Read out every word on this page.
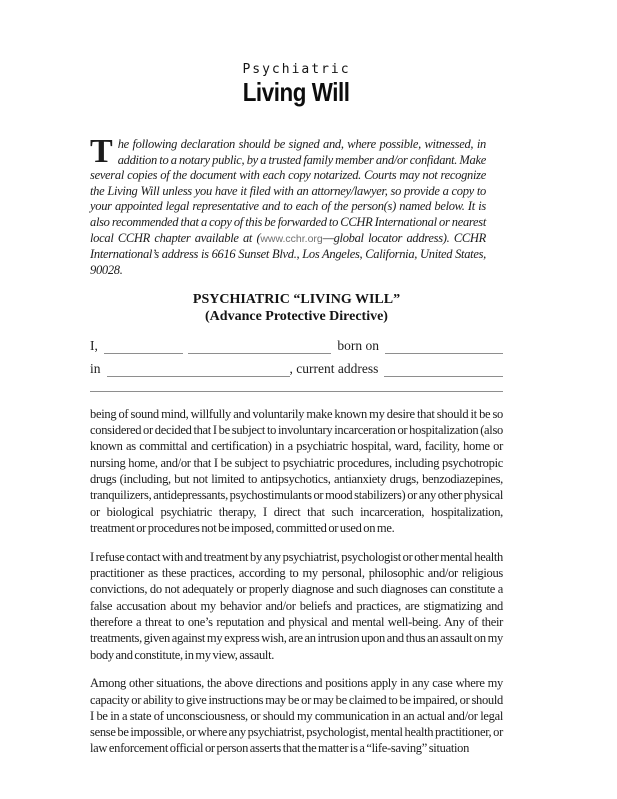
Psychiatric
Living Will

The following declaration should be signed and, where possible, witnessed, in addition to a notary public, by a trusted family member and/or confidant. Make several copies of the document with each copy notarized. Courts may not recognize the Living Will unless you have it filed with an attorney/lawyer, so provide a copy to your appointed legal representative and to each of the person(s) named below. It is also recommended that a copy of this be forwarded to CCHR International or nearest local CCHR chapter available at (www.cchr.org—global locator address). CCHR International’s address is 6616 Sunset Blvd., Los Angeles, California, United States, 90028.

PSYCHIATRIC “LIVING WILL”
(Advance Protective Directive)
I,	born on
in	, current address

being of sound mind, willfully and voluntarily make known my desire that should it be so considered or decided that I be subject to involuntary incarceration or hospitalization (also known as committal and certification) in a psychiatric hospital, ward, facility, home or nursing home, and/or that I be subject to psychiatric procedures, including psychotropic drugs (including, but not limited to antipsychotics, antianxiety drugs, benzodiazepines, tranquilizers, antidepressants, psychostimulants or mood stabilizers) or any other physical or biological psychiatric therapy, I direct that such incarceration, hospitalization, treatment or procedures not be imposed, committed or used on me.

I refuse contact with and treatment by any psychiatrist, psychologist or other mental health practitioner as these practices, according to my personal, philosophic and/or religious convictions, do not adequately or properly diagnose and such diagnoses can constitute a false accusation about my behavior and/or beliefs and practices, are stigmatizing and therefore a threat to one’s reputation and physical and mental well-being. Any of their treatments, given against my express wish, are an intrusion upon and thus an assault on my body and constitute, in my view, assault.

Among other situations, the above directions and positions apply in any case where my capacity or ability to give instructions may be or may be claimed to be impaired, or should I be in a state of unconsciousness, or should my communication in an actual and/or legal sense be impossible, or where any psychiatrist, psychologist, mental health practitioner, or law enforcement official or person asserts that the matter is a “life-saving” situation
